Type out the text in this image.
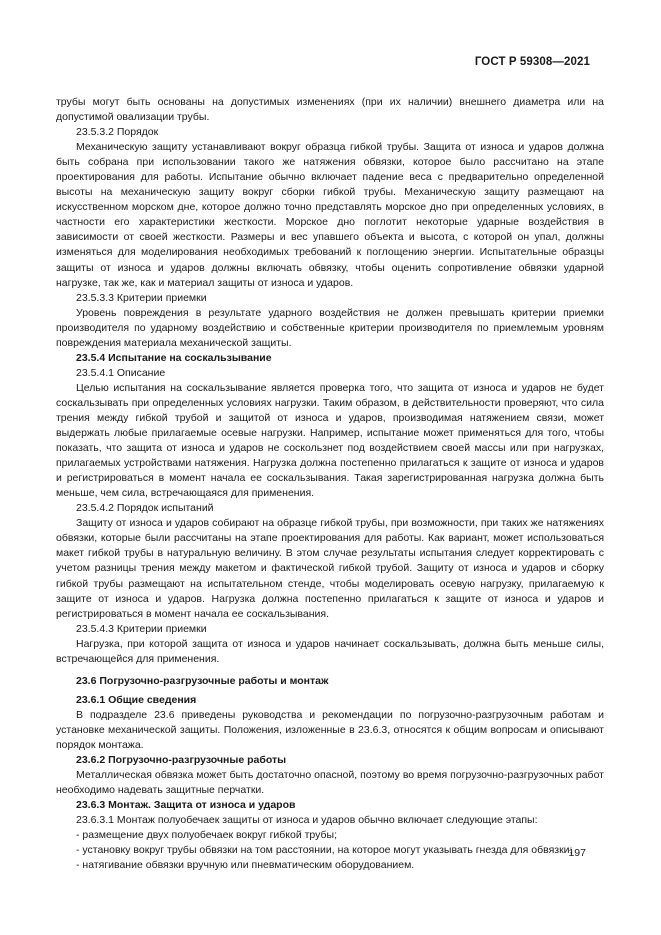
ГОСТ Р 59308—2021

трубы могут быть основаны на допустимых изменениях (при их наличии) внешнего диаметра или на допустимой овализации трубы.

23.5.3.2 Порядок

Механическую защиту устанавливают вокруг образца гибкой трубы. Защита от износа и ударов должна быть собрана при использовании такого же натяжения обвязки, которое было рассчитано на этапе проектирования для работы. Испытание обычно включает падение веса с предварительно определенной высоты на механическую защиту вокруг сборки гибкой трубы. Механическую защиту размещают на искусственном морском дне, которое должно точно представлять морское дно при определенных условиях, в частности его характеристики жесткости. Морское дно поглотит некоторые ударные воздействия в зависимости от своей жесткости. Размеры и вес упавшего объекта и высота, с которой он упал, должны изменяться для моделирования необходимых требований к поглощению энергии. Испытательные образцы защиты от износа и ударов должны включать обвязку, чтобы оценить сопротивление обвязки ударной нагрузке, так же, как и материал защиты от износа и ударов.

23.5.3.3 Критерии приемки

Уровень повреждения в результате ударного воздействия не должен превышать критерии приемки производителя по ударному воздействию и собственные критерии производителя по приемлемым уровням повреждения материала механической защиты.

23.5.4 Испытание на соскальзывание

23.5.4.1 Описание

Целью испытания на соскальзывание является проверка того, что защита от износа и ударов не будет соскальзывать при определенных условиях нагрузки. Таким образом, в действительности проверяют, что сила трения между гибкой трубой и защитой от износа и ударов, производимая натяжением связи, может выдержать любые прилагаемые осевые нагрузки. Например, испытание может применяться для того, чтобы показать, что защита от износа и ударов не соскользнет под воздействием своей массы или при нагрузках, прилагаемых устройствами натяжения. Нагрузка должна постепенно прилагаться к защите от износа и ударов и регистрироваться в момент начала ее соскальзывания. Такая зарегистрированная нагрузка должна быть меньше, чем сила, встречающаяся для применения.

23.5.4.2 Порядок испытаний

Защиту от износа и ударов собирают на образце гибкой трубы, при возможности, при таких же натяжениях обвязки, которые были рассчитаны на этапе проектирования для работы. Как вариант, может использоваться макет гибкой трубы в натуральную величину. В этом случае результаты испытания следует корректировать с учетом разницы трения между макетом и фактической гибкой трубой. Защиту от износа и ударов и сборку гибкой трубы размещают на испытательном стенде, чтобы моделировать осевую нагрузку, прилагаемую к защите от износа и ударов. Нагрузка должна постепенно прилагаться к защите от износа и ударов и регистрироваться в момент начала ее соскальзывания.

23.5.4.3 Критерии приемки

Нагрузка, при которой защита от износа и ударов начинает соскальзывать, должна быть меньше силы, встречающейся для применения.

23.6 Погрузочно-разгрузочные работы и монтаж

23.6.1 Общие сведения

В подразделе 23.6 приведены руководства и рекомендации по погрузочно-разгрузочным работам и установке механической защиты. Положения, изложенные в 23.6.3, относятся к общим вопросам и описывают порядок монтажа.

23.6.2 Погрузочно-разгрузочные работы

Металлическая обвязка может быть достаточно опасной, поэтому во время погрузочно-разгрузочных работ необходимо надевать защитные перчатки.

23.6.3 Монтаж. Защита от износа и ударов

23.6.3.1 Монтаж полуобечаек защиты от износа и ударов обычно включает следующие этапы:

- размещение двух полуобечаек вокруг гибкой трубы;

- установку вокруг трубы обвязки на том расстоянии, на которое могут указывать гнезда для обвязки;

- натягивание обвязки вручную или пневматическим оборудованием.

197
